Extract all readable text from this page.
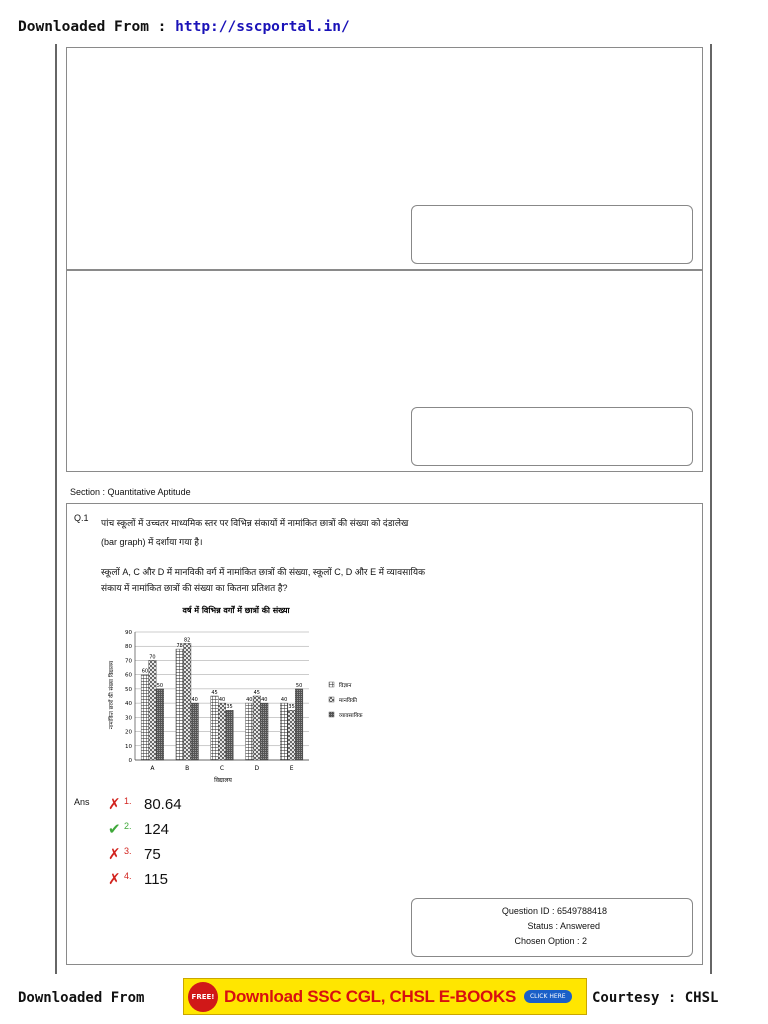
Downloaded From : http://sscportal.in/
Section : Quantitative Aptitude
Q.1 पांच स्कूलों में उच्चतर माध्यमिक स्तर पर विभिन्न संकायों में नामांकित छात्रों की संख्या को दंडालेख
(bar graph) में दर्शाया गया है।
स्कूलों A, C और D में मानविकी वर्ग में नामांकित छात्रों की संख्या, स्कूलों C, D और E में व्यावसायिक
संकाय में नामांकित छात्रों की संख्या का कितना प्रतिशत है?
वर्ष में विभिन्न वर्गों में छात्रों की संख्या
नामांकित छात्रों की संख्या विद्यालय
विद्यालय
0
10
20
30
40
50
60
70
80
90
60
70
50
A
78
82
40
B
45
40
35
C
40
45
40
D
40
35
50
E
विज्ञान
मानविकी
व्यावसायिक
Ans ✗ 1. 80.64
✔ 2. 124
✗ 3. 75
✗ 4. 115
Question ID : 6549788418
Status : Answered
Chosen Option : 2
Downloaded From	FREE! Download SSC CGL, CHSL E-BOOKS	CLICK HERE	Courtesy : CHSL
